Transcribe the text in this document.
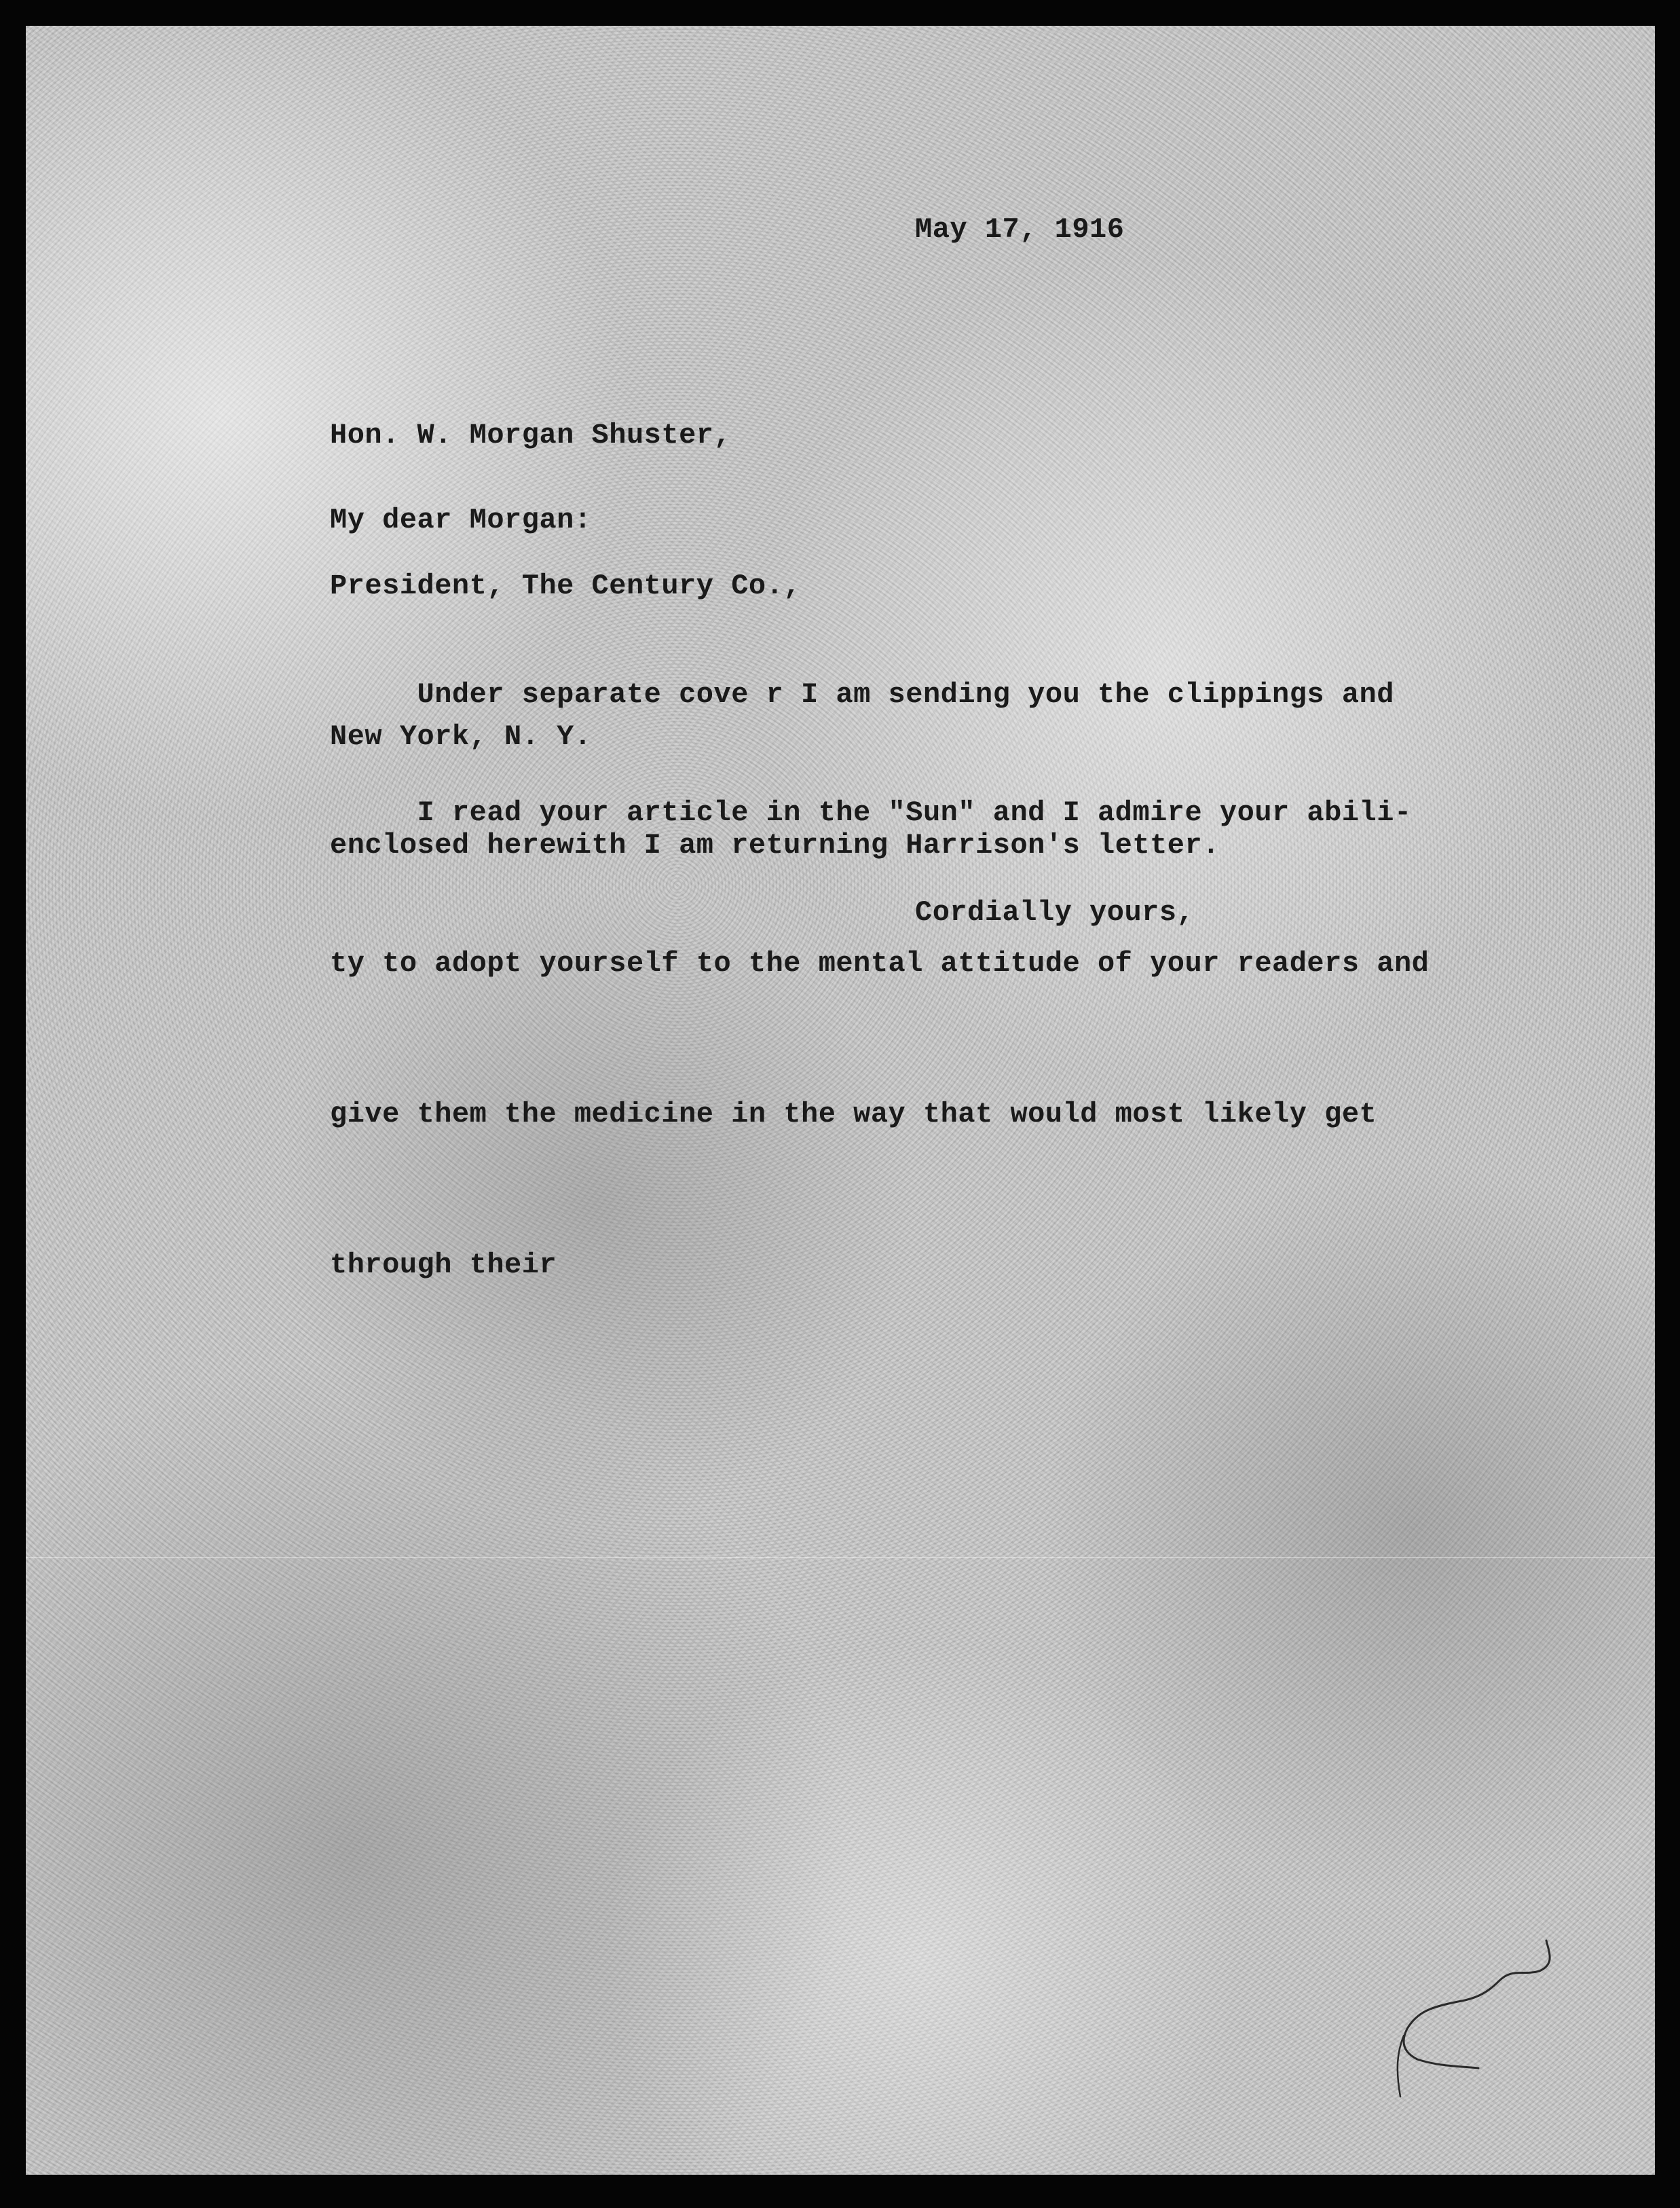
May 17, 1916

Hon. W. Morgan Shuster,

President, The Century Co.,

New York, N. Y.

My dear Morgan:

Under separate cove r I am sending you the clippings and

enclosed herewith I am returning Harrison's letter.

I read your article in the "Sun" and I admire your abili-

ty to adopt yourself to the mental attitude of your readers and

give them the medicine in the way that would most likely get

through their

Cordially yours,
